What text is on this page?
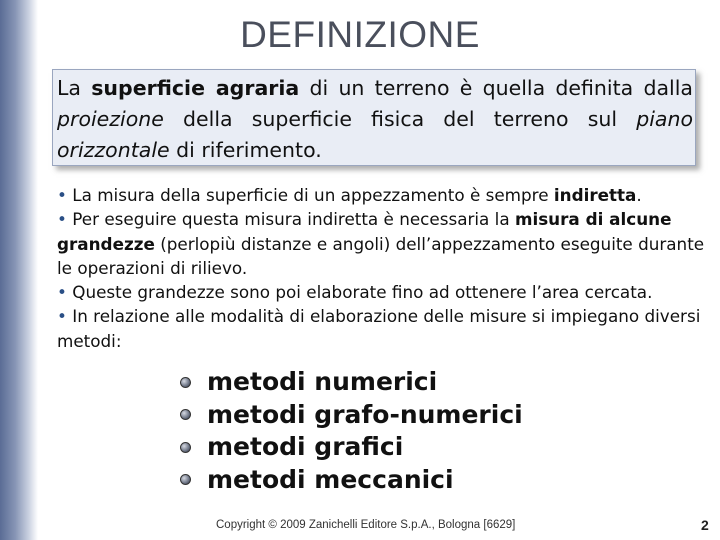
DEFINIZIONE
La superficie agraria di un terreno è quella definita dalla proiezione della superficie fisica del terreno sul piano orizzontale di riferimento.

• La misura della superficie di un appezzamento è sempre indiretta.

• Per eseguire questa misura indiretta è necessaria la misura di alcune grandezze (perlopiù distanze e angoli) dell’appezzamento eseguite durante le operazioni di rilievo.

• Queste grandezze sono poi elaborate fino ad ottenere l’area cercata.

• In relazione alle modalità di elaborazione delle misure si impiegano diversi metodi:

metodi numerici
metodi grafo-numerici
metodi grafici
metodi meccanici
Copyright © 2009 Zanichelli Editore S.p.A., Bologna [6629]	2
